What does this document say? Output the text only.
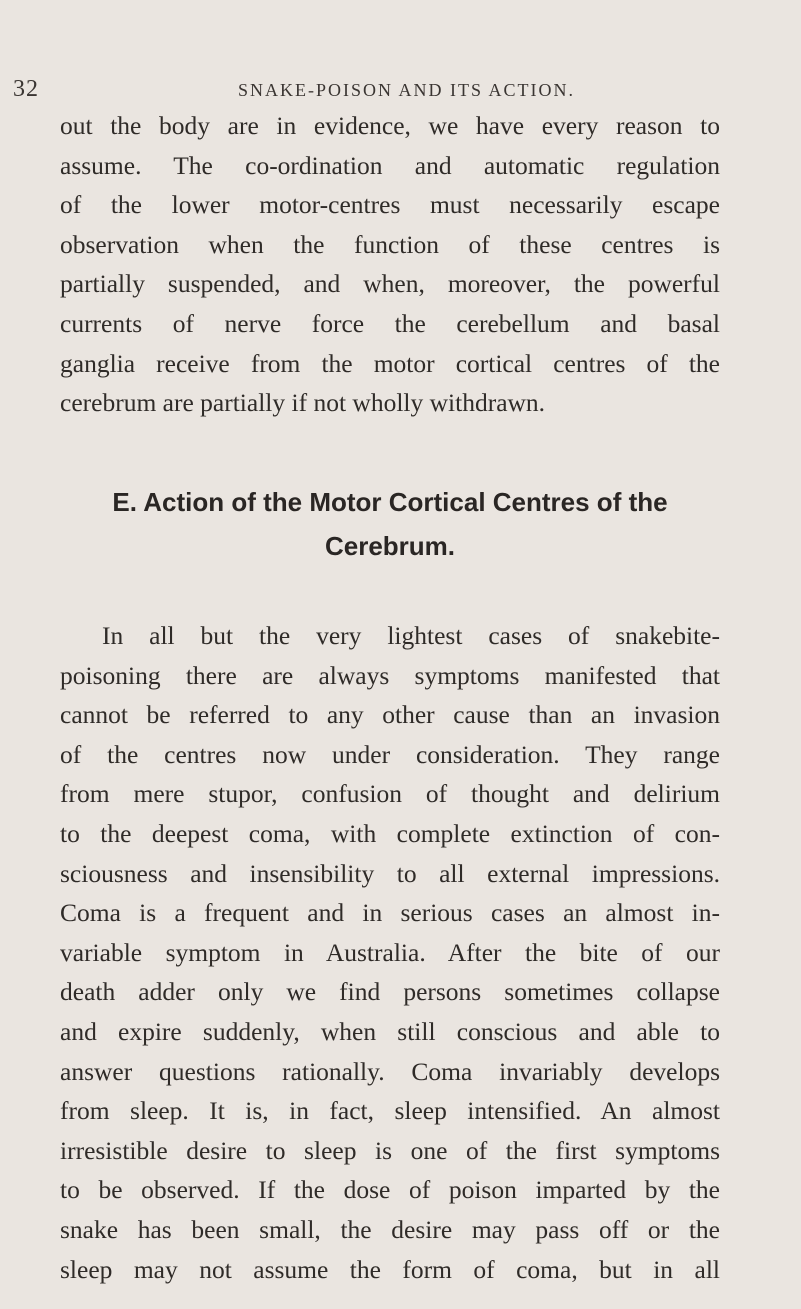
32	SNAKE-POISON AND ITS ACTION.
out the body are in evidence, we have every reason to
assume. The co-ordination and automatic regulation
of the lower motor-centres must necessarily escape
observation when the function of these centres is
partially suspended, and when, moreover, the powerful
currents of nerve force the cerebellum and basal
ganglia receive from the motor cortical centres of the
cerebrum are partially if not wholly withdrawn.
E. Action of the Motor Cortical Centres of the
Cerebrum.
In all but the very lightest cases of snakebite-
poisoning there are always symptoms manifested that
cannot be referred to any other cause than an invasion
of the centres now under consideration. They range
from mere stupor, confusion of thought and delirium
to the deepest coma, with complete extinction of con-
sciousness and insensibility to all external impressions.
Coma is a frequent and in serious cases an almost in-
variable symptom in Australia. After the bite of our
death adder only we find persons sometimes collapse
and expire suddenly, when still conscious and able to
answer questions rationally. Coma invariably develops
from sleep. It is, in fact, sleep intensified. An almost
irresistible desire to sleep is one of the first symptoms
to be observed. If the dose of poison imparted by the
snake has been small, the desire may pass off or the
sleep may not assume the form of coma, but in all
